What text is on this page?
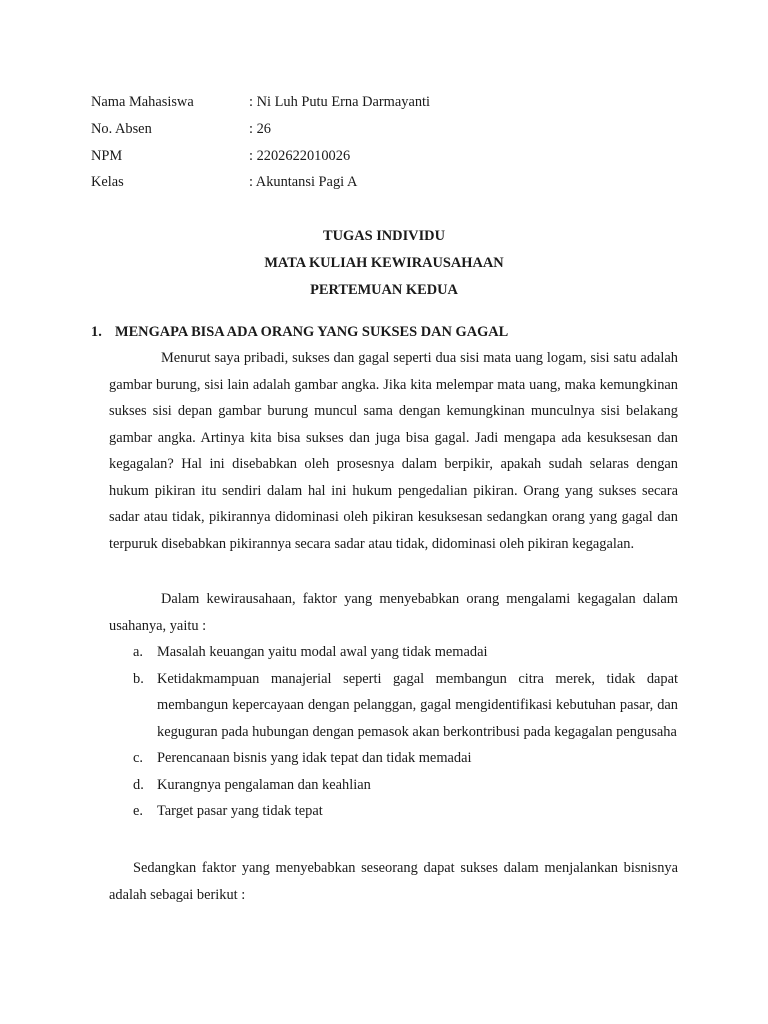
Nama Mahasiswa	: Ni Luh Putu Erna Darmayanti
No. Absen	: 26
NPM	: 2202622010026
Kelas	: Akuntansi Pagi A
TUGAS INDIVIDU
MATA KULIAH KEWIRAUSAHAAN
PERTEMUAN KEDUA
1. MENGAPA BISA ADA ORANG YANG SUKSES DAN GAGAL

Menurut saya pribadi, sukses dan gagal seperti dua sisi mata uang logam, sisi satu adalah gambar burung, sisi lain adalah gambar angka. Jika kita melempar mata uang, maka kemungkinan sukses sisi depan gambar burung muncul sama dengan kemungkinan munculnya sisi belakang gambar angka. Artinya kita bisa sukses dan juga bisa gagal. Jadi mengapa ada kesuksesan dan kegagalan? Hal ini disebabkan oleh prosesnya dalam berpikir, apakah sudah selaras dengan hukum pikiran itu sendiri dalam hal ini hukum pengedalian pikiran. Orang yang sukses secara sadar atau tidak, pikirannya didominasi oleh pikiran kesuksesan sedangkan orang yang gagal dan terpuruk disebabkan pikirannya secara sadar atau tidak, didominasi oleh pikiran kegagalan.

Dalam kewirausahaan, faktor yang menyebabkan orang mengalami kegagalan dalam usahanya, yaitu :

a. Masalah keuangan yaitu modal awal yang tidak memadai
b. Ketidakmampuan manajerial seperti gagal membangun citra merek, tidak dapat membangun kepercayaan dengan pelanggan, gagal mengidentifikasi kebutuhan pasar, dan keguguran pada hubungan dengan pemasok akan berkontribusi pada kegagalan pengusaha
c. Perencanaan bisnis yang idak tepat dan tidak memadai
d. Kurangnya pengalaman dan keahlian
e. Target pasar yang tidak tepat

Sedangkan faktor yang menyebabkan seseorang dapat sukses dalam menjalankan bisnisnya adalah sebagai berikut :
